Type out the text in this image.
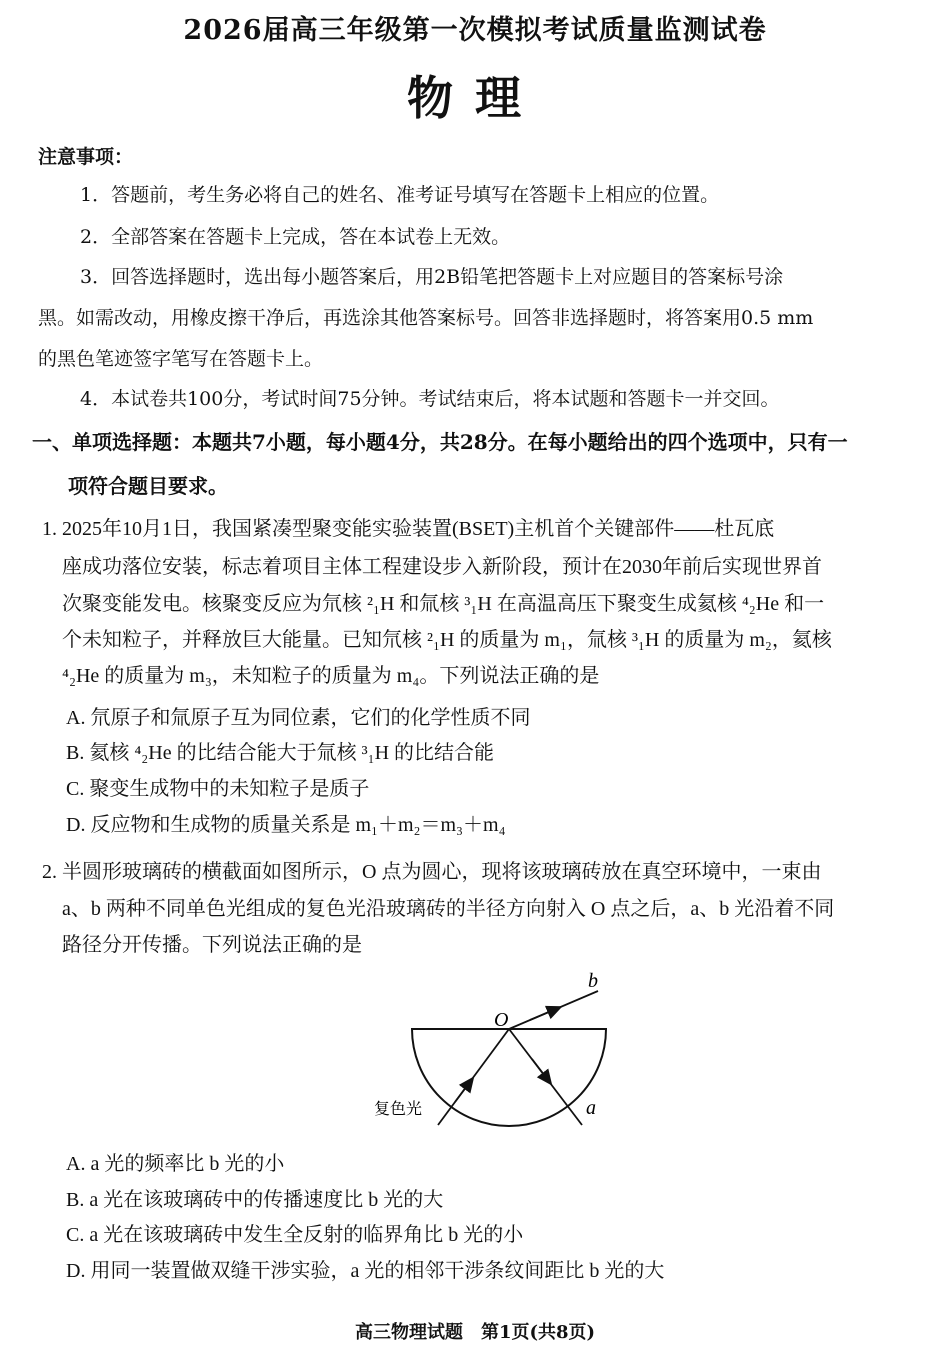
2026届高三年级第一次模拟考试质量监测试卷
物理
注意事项：
1．答题前，考生务必将自己的姓名、准考证号填写在答题卡上相应的位置。
2．全部答案在答题卡上完成，答在本试卷上无效。
3．回答选择题时，选出每小题答案后，用2B铅笔把答题卡上对应题目的答案标号涂
黑。如需改动，用橡皮擦干净后，再选涂其他答案标号。回答非选择题时，将答案用0.5 mm
的黑色笔迹签字笔写在答题卡上。
4．本试卷共100分，考试时间75分钟。考试结束后，将本试题和答题卡一并交回。
一、单项选择题：本题共7小题，每小题4分，共28分。在每小题给出的四个选项中，只有一
项符合题目要求。
1. 2025年10月1日，我国紧凑型聚变能实验装置(BSET)主机首个关键部件——杜瓦底
座成功落位安装，标志着项目主体工程建设步入新阶段，预计在2030年前后实现世界首
次聚变能发电。核聚变反应为氘核 ²₁H 和氚核 ³₁H 在高温高压下聚变生成氦核 ⁴₂He 和一
个未知粒子，并释放巨大能量。已知氘核 ²₁H 的质量为 m₁，氚核 ³₁H 的质量为 m₂，氦核
⁴₂He 的质量为 m₃，未知粒子的质量为 m₄。下列说法正确的是
A. 氘原子和氚原子互为同位素，它们的化学性质不同
B. 氦核 ⁴₂He 的比结合能大于氚核 ³₁H 的比结合能
C. 聚变生成物中的未知粒子是质子
D. 反应物和生成物的质量关系是 m₁＋m₂＝m₃＋m₄
2. 半圆形玻璃砖的横截面如图所示，O 点为圆心，现将该玻璃砖放在真空环境中，一束由
a、b 两种不同单色光组成的复色光沿玻璃砖的半径方向射入 O 点之后，a、b 光沿着不同
路径分开传播。下列说法正确的是
O
b
a
复色光
A. a 光的频率比 b 光的小
B. a 光在该玻璃砖中的传播速度比 b 光的大
C. a 光在该玻璃砖中发生全反射的临界角比 b 光的小
D. 用同一装置做双缝干涉实验，a 光的相邻干涉条纹间距比 b 光的大
高三物理试题　第1页(共8页)
